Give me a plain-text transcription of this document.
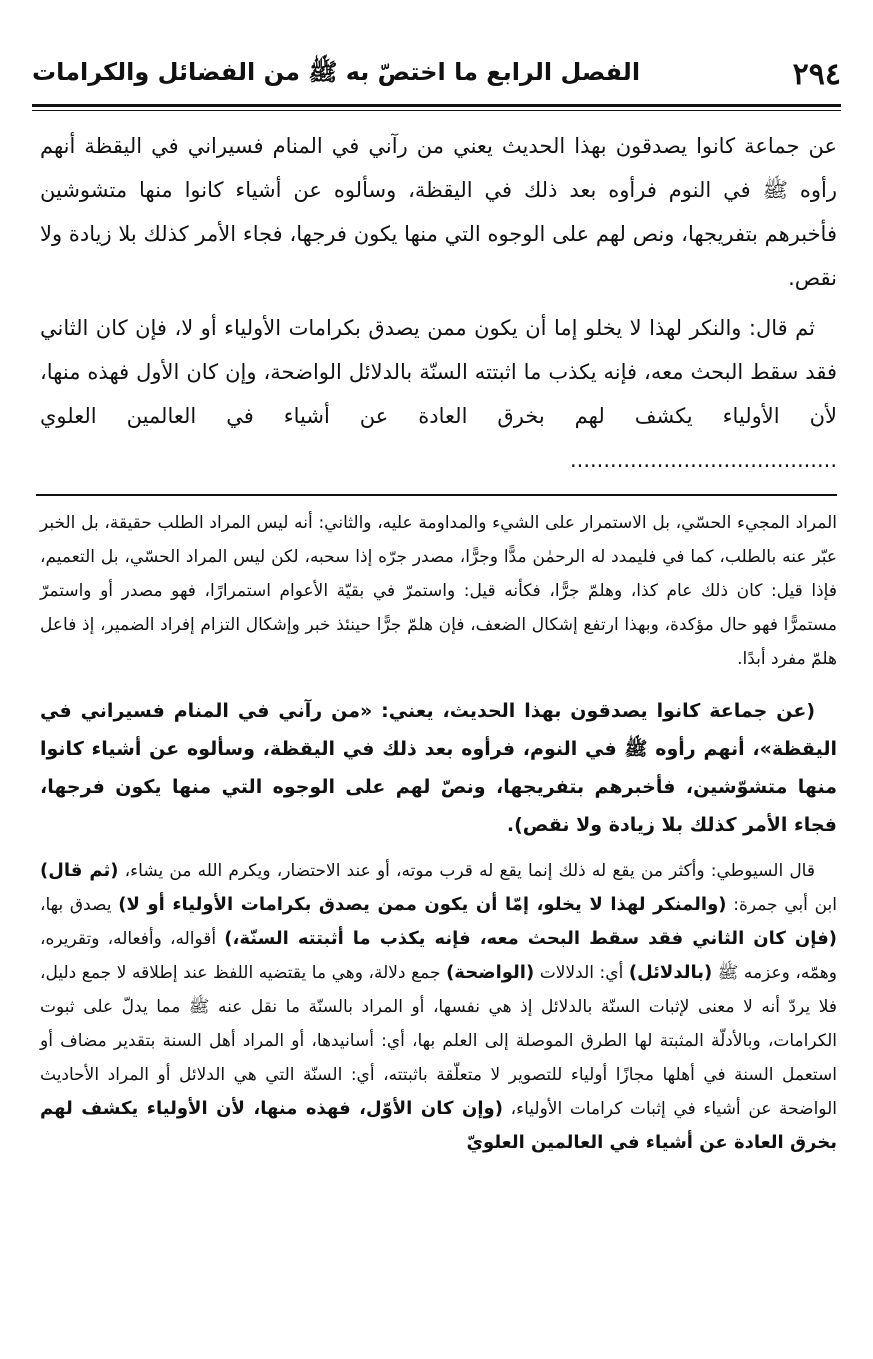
٢٩٤
الفصل الرابع ما اختصّ به ﷺ من الفضائل والكرامات

عن جماعة كانوا يصدقون بهذا الحديث يعني من رآني في المنام فسيراني في اليقظة أنهم رأوه ﷺ في النوم فرأوه بعد ذلك في اليقظة، وسألوه عن أشياء كانوا منها متشوشين فأخبرهم بتفريجها، ونص لهم على الوجوه التي منها يكون فرجها، فجاء الأمر كذلك بلا زيادة ولا نقص.

ثم قال: والنكر لهذا لا يخلو إما أن يكون ممن يصدق بكرامات الأولياء أو لا، فإن كان الثاني فقد سقط البحث معه، فإنه يكذب ما اثبتته السنّة بالدلائل الواضحة، وإن كان الأول فهذه منها، لأن الأولياء يكشف لهم بخرق العادة عن أشياء في العالمين العلوي ........................................

المراد المجيء الحسّي، بل الاستمرار على الشيء والمداومة عليه، والثاني: أنه ليس المراد الطلب حقيقة، بل الخبر عبّر عنه بالطلب، كما في فليمدد له الرحمٰن مدًّا وجرًّا، مصدر جرّه إذا سحبه، لكن ليس المراد الحسّي، بل التعميم، فإذا قيل: كان ذلك عام كذا، وهلمّ جرًّا، فكأنه قيل: واستمرّ في بقيّة الأعوام استمرارًا، فهو مصدر أو واستمرّ مستمرًّا فهو حال مؤكدة، وبهذا ارتفع إشكال الضعف، فإن هلمّ جرًّا حينئذ خبر وإشكال التزام إفراد الضمير، إذ فاعل هلمّ مفرد أبدًا.

(عن جماعة كانوا يصدقون بهذا الحديث، يعني: «من رآني في المنام فسيراني في اليقظة»، أنهم رأوه ﷺ في النوم، فرأوه بعد ذلك في اليقظة، وسألوه عن أشياء كانوا منها متشوّشين، فأخبرهم بتفريجها، ونصّ لهم على الوجوه التي منها يكون فرجها، فجاء الأمر كذلك بلا زيادة ولا نقص).

قال السيوطي: وأكثر من يقع له ذلك إنما يقع له قرب موته، أو عند الاحتضار، ويكرم الله من يشاء، (ثم قال) ابن أبي جمرة: (والمنكر لهذا لا يخلو، إمّا أن يكون ممن يصدق بكرامات الأولياء أو لا) يصدق بها، (فإن كان الثاني فقد سقط البحث معه، فإنه يكذب ما أثبتته السنّة،) أقواله، وأفعاله، وتقريره، وهمّه، وعزمه ﷺ (بالدلائل) أي: الدلالات (الواضحة) جمع دلالة، وهي ما يقتضيه اللفظ عند إطلاقه لا جمع دليل، فلا يردّ أنه لا معنى لإثبات السنّة بالدلائل إذ هي نفسها، أو المراد بالسنّة ما نقل عنه ﷺ مما يدلّ على ثبوت الكرامات، وبالأدلّة المثبتة لها الطرق الموصلة إلى العلم بها، أي: أسانيدها، أو المراد أهل السنة بتقدير مضاف أو استعمل السنة في أهلها مجازًا أولياء للتصوير لا متعلّقة باثبتته، أي: السنّة التي هي الدلائل أو المراد الأحاديث الواضحة عن أشياء في إثبات كرامات الأولياء، (وإن كان الأوّل، فهذه منها، لأن الأولياء يكشف لهم بخرق العادة عن أشياء في العالمين العلويّ
